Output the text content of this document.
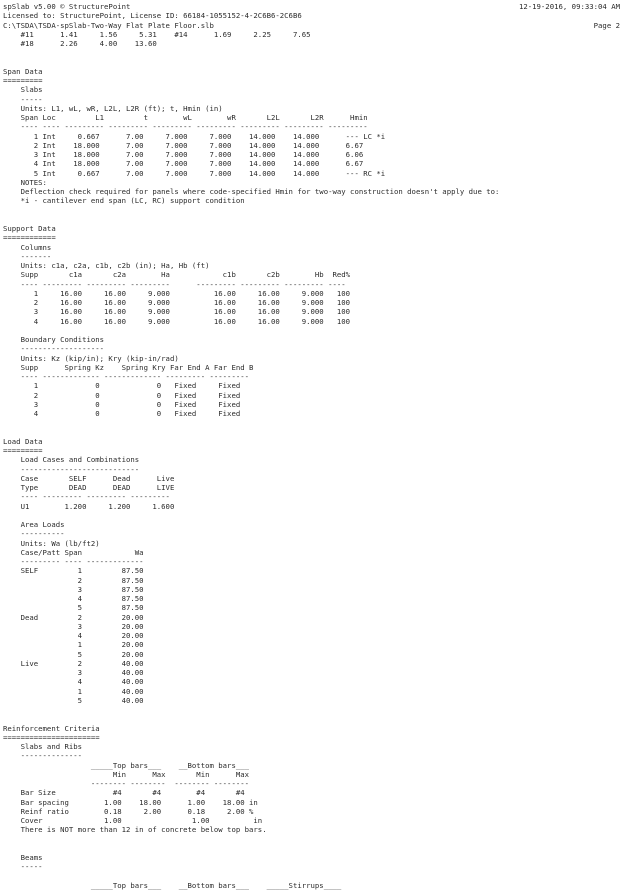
12-19-2016, 09:33:04 AM
Page 2
spSlab v5.00 © StructurePoint
Licensed to: StructurePoint, License ID: 66184-1055152-4-2C6B6-2C6B6
C:\TSDA\TSDA-spSlab-Two-Way Flat Plate Floor.slb
#11      1.41     1.56     5.31    #14      1.69     2.25     7.65
#18      2.26     4.00    13.60
Span Data
=========
Slabs
-----
Units: L1, wL, wR, L2L, L2R (ft); t, Hmin (in)
Span Loc         L1         t        wL        wR       L2L       L2R      Hmin
---- ---- --------- --------- --------- --------- --------- --------- ---------
1 Int     0.667      7.00     7.000     7.000    14.000    14.000      --- LC *i
2 Int    18.000      7.00     7.000     7.000    14.000    14.000      6.67
3 Int    18.000      7.00     7.000     7.000    14.000    14.000      6.06
4 Int    18.000      7.00     7.000     7.000    14.000    14.000      6.67
5 Int     0.667      7.00     7.000     7.000    14.000    14.000      --- RC *i
NOTES:
Deflection check required for panels where code-specified Hmin for two-way construction doesn't apply due to:
*i - cantilever end span (LC, RC) support condition
Support Data
============
Columns
-------
Units: c1a, c2a, c1b, c2b (in); Ha, Hb (ft)
Supp       c1a       c2a        Ha            c1b       c2b        Hb  Red%
---- --------- --------- ---------      --------- --------- --------- ----
1     16.00     16.00     9.000          16.00     16.00     9.000   100
2     16.00     16.00     9.000          16.00     16.00     9.000   100
3     16.00     16.00     9.000          16.00     16.00     9.000   100
4     16.00     16.00     9.000          16.00     16.00     9.000   100
Boundary Conditions
-------------------
Units: Kz (kip/in); Kry (kip-in/rad)
Supp      Spring Kz    Spring Kry Far End A Far End B
---- ------------- ------------- --------- ---------
1             0             0   Fixed     Fixed
2             0             0   Fixed     Fixed
3             0             0   Fixed     Fixed
4             0             0   Fixed     Fixed
Load Data
=========
Load Cases and Combinations
---------------------------
Case       SELF      Dead      Live
Type       DEAD      DEAD      LIVE
---- --------- --------- ---------
U1        1.200     1.200     1.600
Area Loads
----------
Units: Wa (lb/ft2)
Case/Patt Span            Wa
--------- ---- -------------
SELF         1         87.50
2         87.50
3         87.50
4         87.50
5         87.50
Dead         2         20.00
3         20.00
4         20.00
1         20.00
5         20.00
Live         2         40.00
3         40.00
4         40.00
1         40.00
5         40.00
Reinforcement Criteria
======================
Slabs and Ribs
--------------
_____Top bars___    __Bottom bars___
Min      Max       Min      Max
-------- --------  -------- --------
Bar Size             #4       #4        #4       #4
Bar spacing        1.00    18.00      1.00    18.00 in
Reinf ratio        0.18     2.00      0.18     2.00 %
Cover              1.00                1.00          in
There is NOT more than 12 in of concrete below top bars.
Beams
-----
_____Top bars___    __Bottom bars___    _____Stirrups____
